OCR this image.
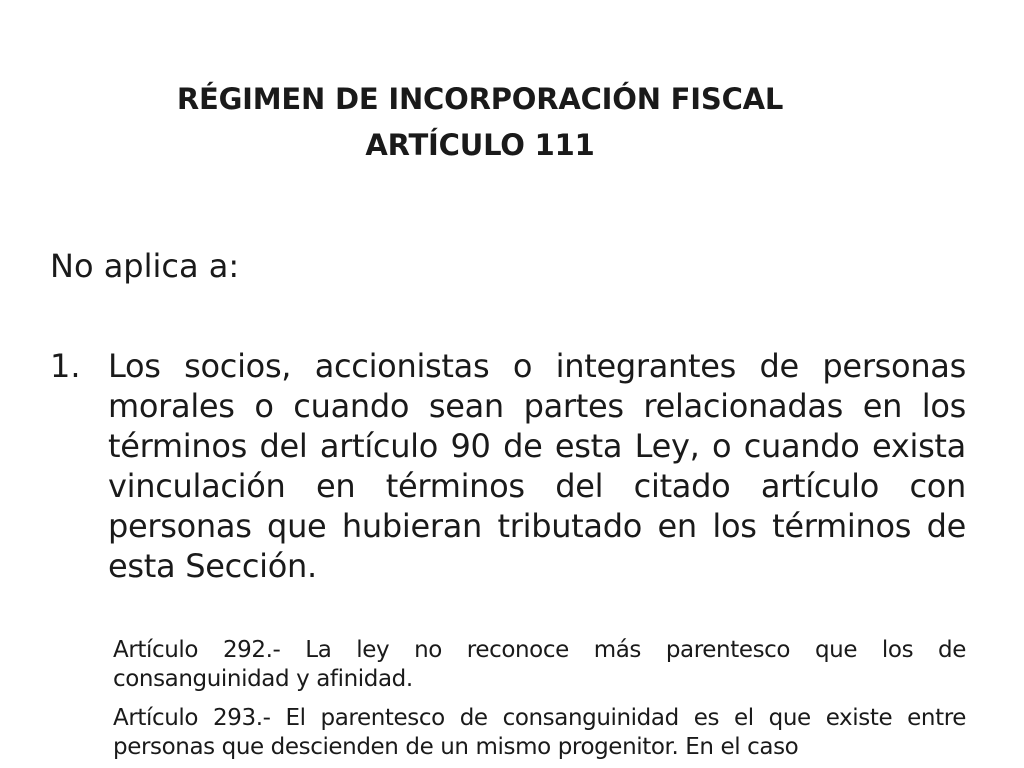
RÉGIMEN DE INCORPORACIÓN FISCAL
ARTÍCULO 111
No aplica a:
1. Los socios, accionistas o integrantes de personas morales o cuando sean partes relacionadas en los términos del artículo 90 de esta Ley, o cuando exista vinculación en términos del citado artículo con personas que hubieran tributado en los términos de esta Sección.
Artículo 292.- La ley no reconoce más parentesco que los de consanguinidad y afinidad.
Artículo 293.- El parentesco de consanguinidad es el que existe entre personas que descienden de un mismo progenitor. En el caso
